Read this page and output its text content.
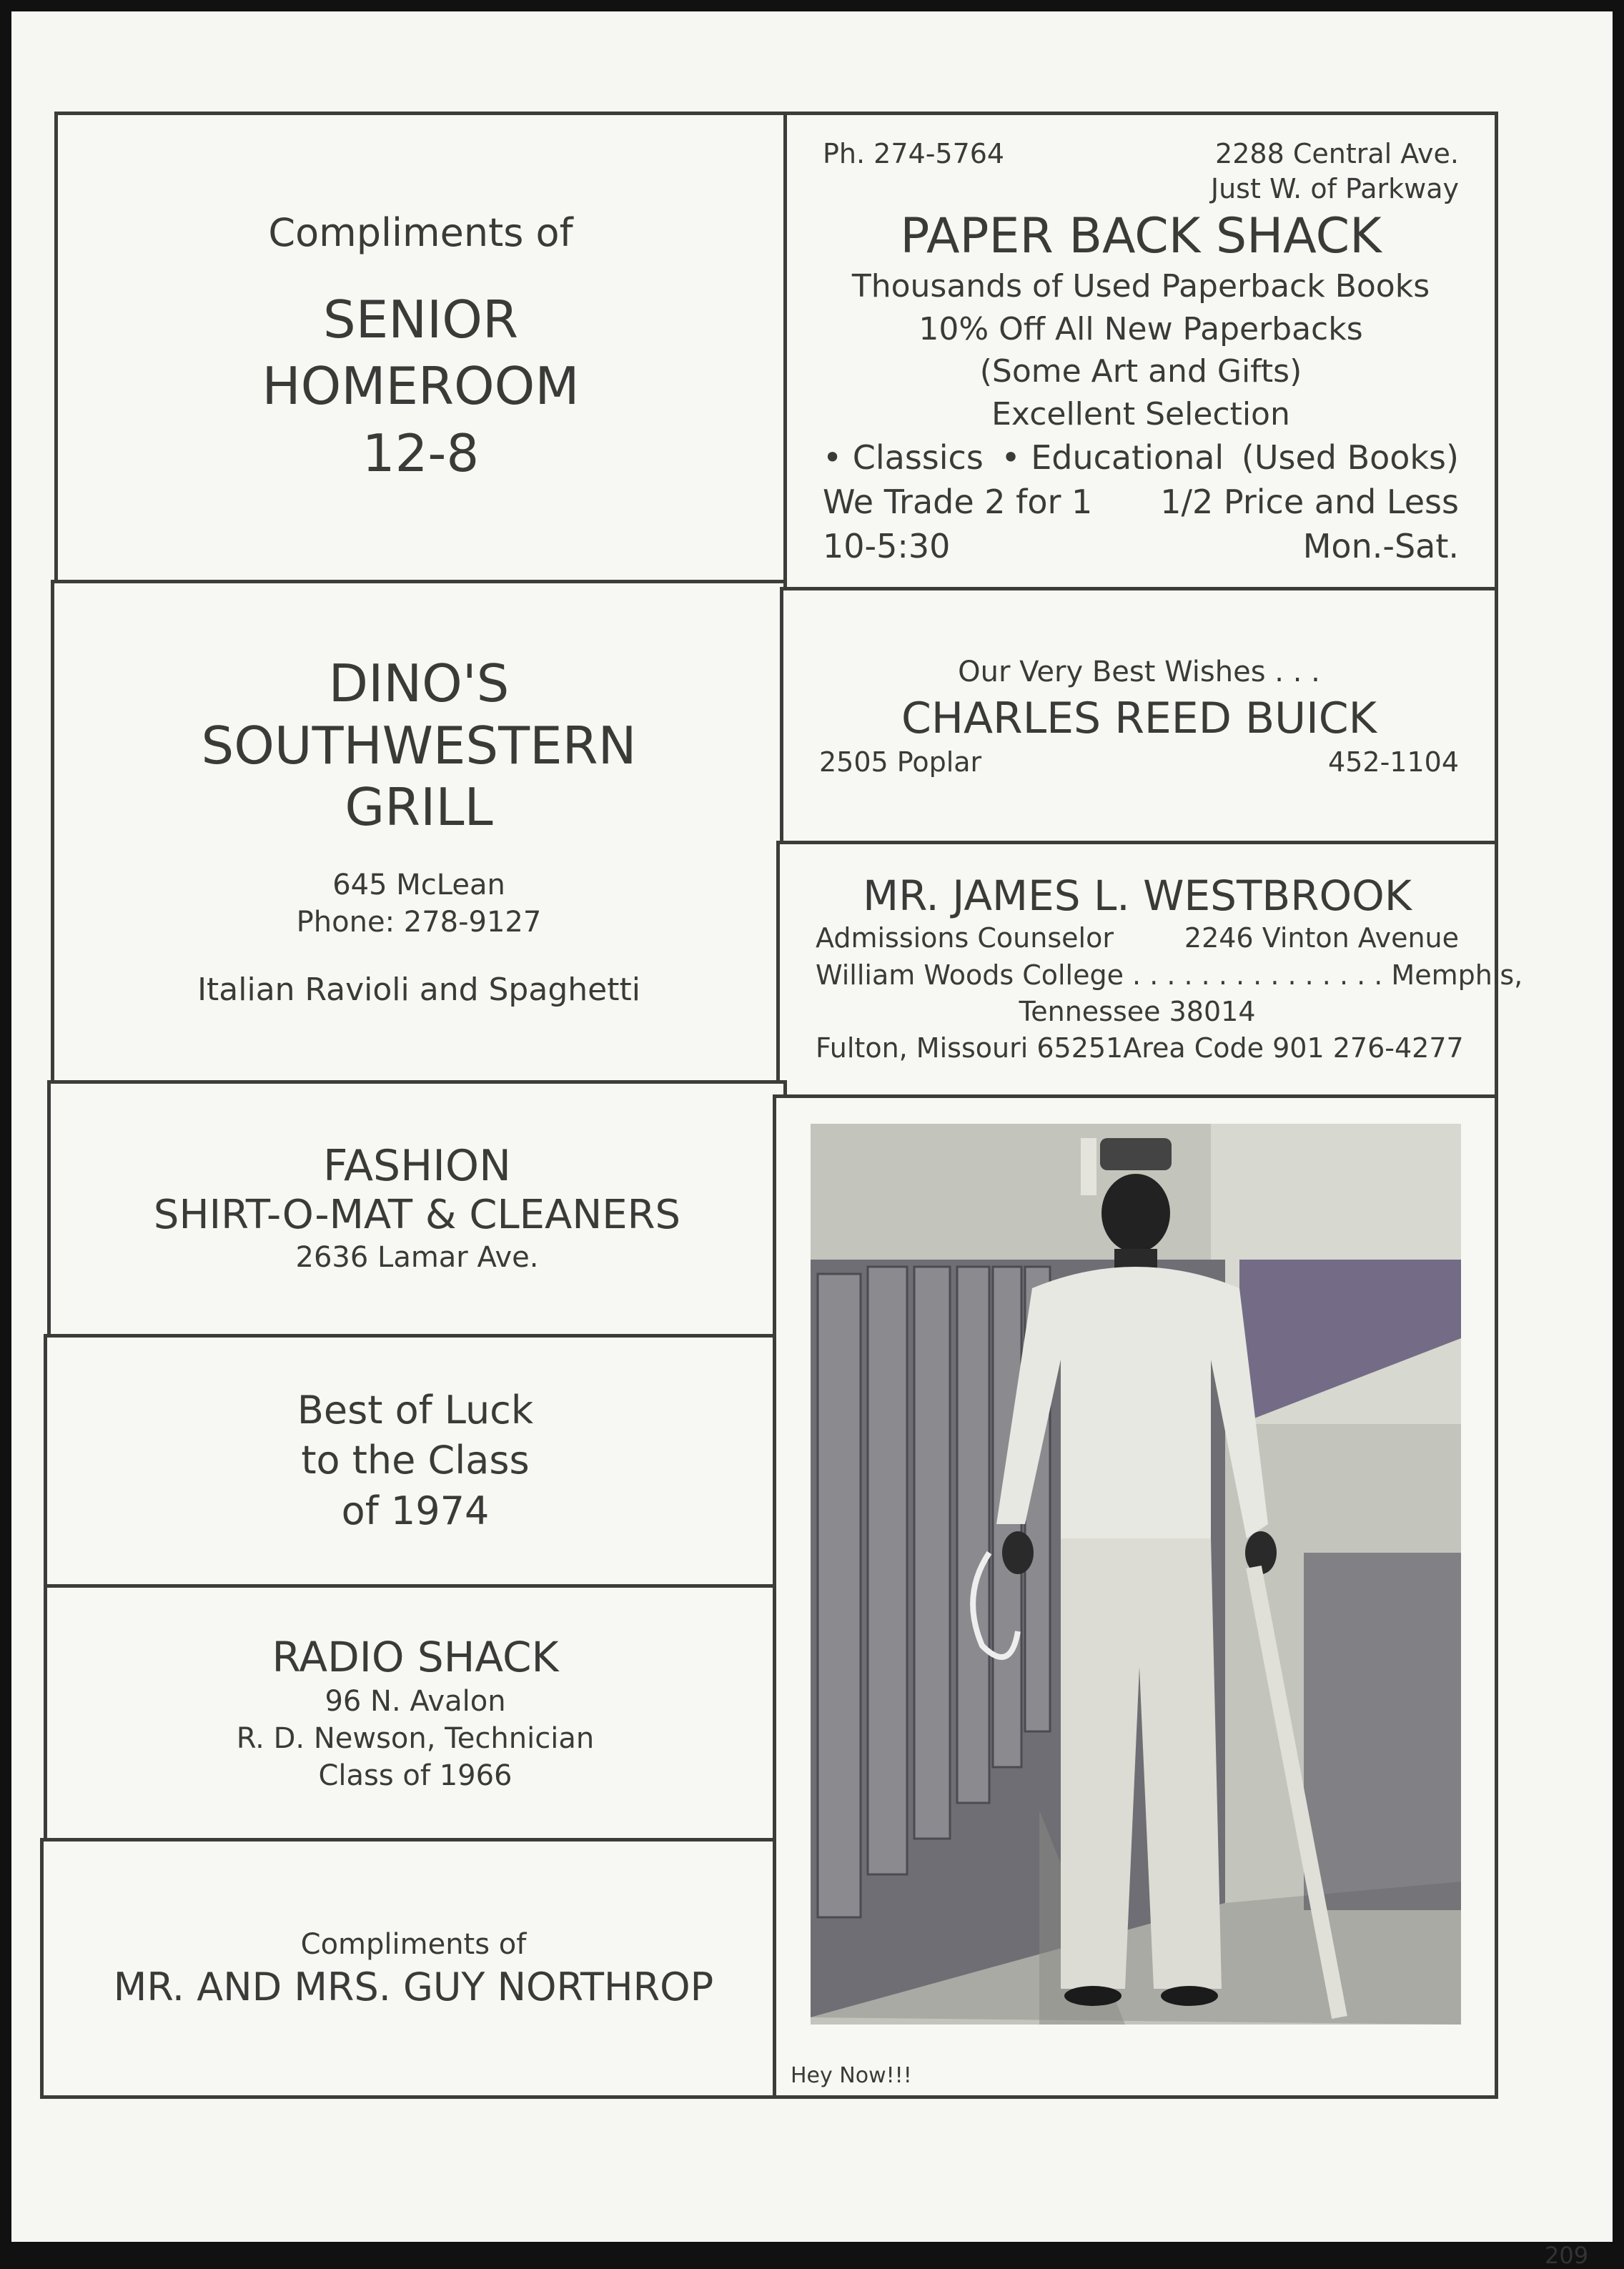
Compliments of
SENIOR
HOMEROOM
12-8
Ph. 274-5764	2288 Central Ave.
Just W. of Parkway
PAPER BACK SHACK
Thousands of Used Paperback Books
10% Off All New Paperbacks
(Some Art and Gifts)
Excellent Selection
• Classics • Educational (Used Books)
We Trade 2 for 1 1/2 Price and Less
10-5:30	Mon.-Sat.
DINO'S
SOUTHWESTERN
GRILL
645 McLean
Phone: 278-9127
Italian Ravioli and Spaghetti
Our Very Best Wishes . . .
CHARLES REED BUICK
2505 Poplar	452-1104
MR. JAMES L. WESTBROOK
Admissions Counselor	2246 Vinton Avenue
William Woods College . . . . . . . . . . . . . . . Memphis,
Tennessee 38014
Fulton, Missouri 65251 Area Code 901 276-4277
FASHION
SHIRT-O-MAT & CLEANERS
2636 Lamar Ave.
Best of Luck
to the Class
of 1974
RADIO SHACK
96 N. Avalon
R. D. Newson, Technician
Class of 1966
Compliments of
MR. AND MRS. GUY NORTHROP
Hey Now!!!
209
